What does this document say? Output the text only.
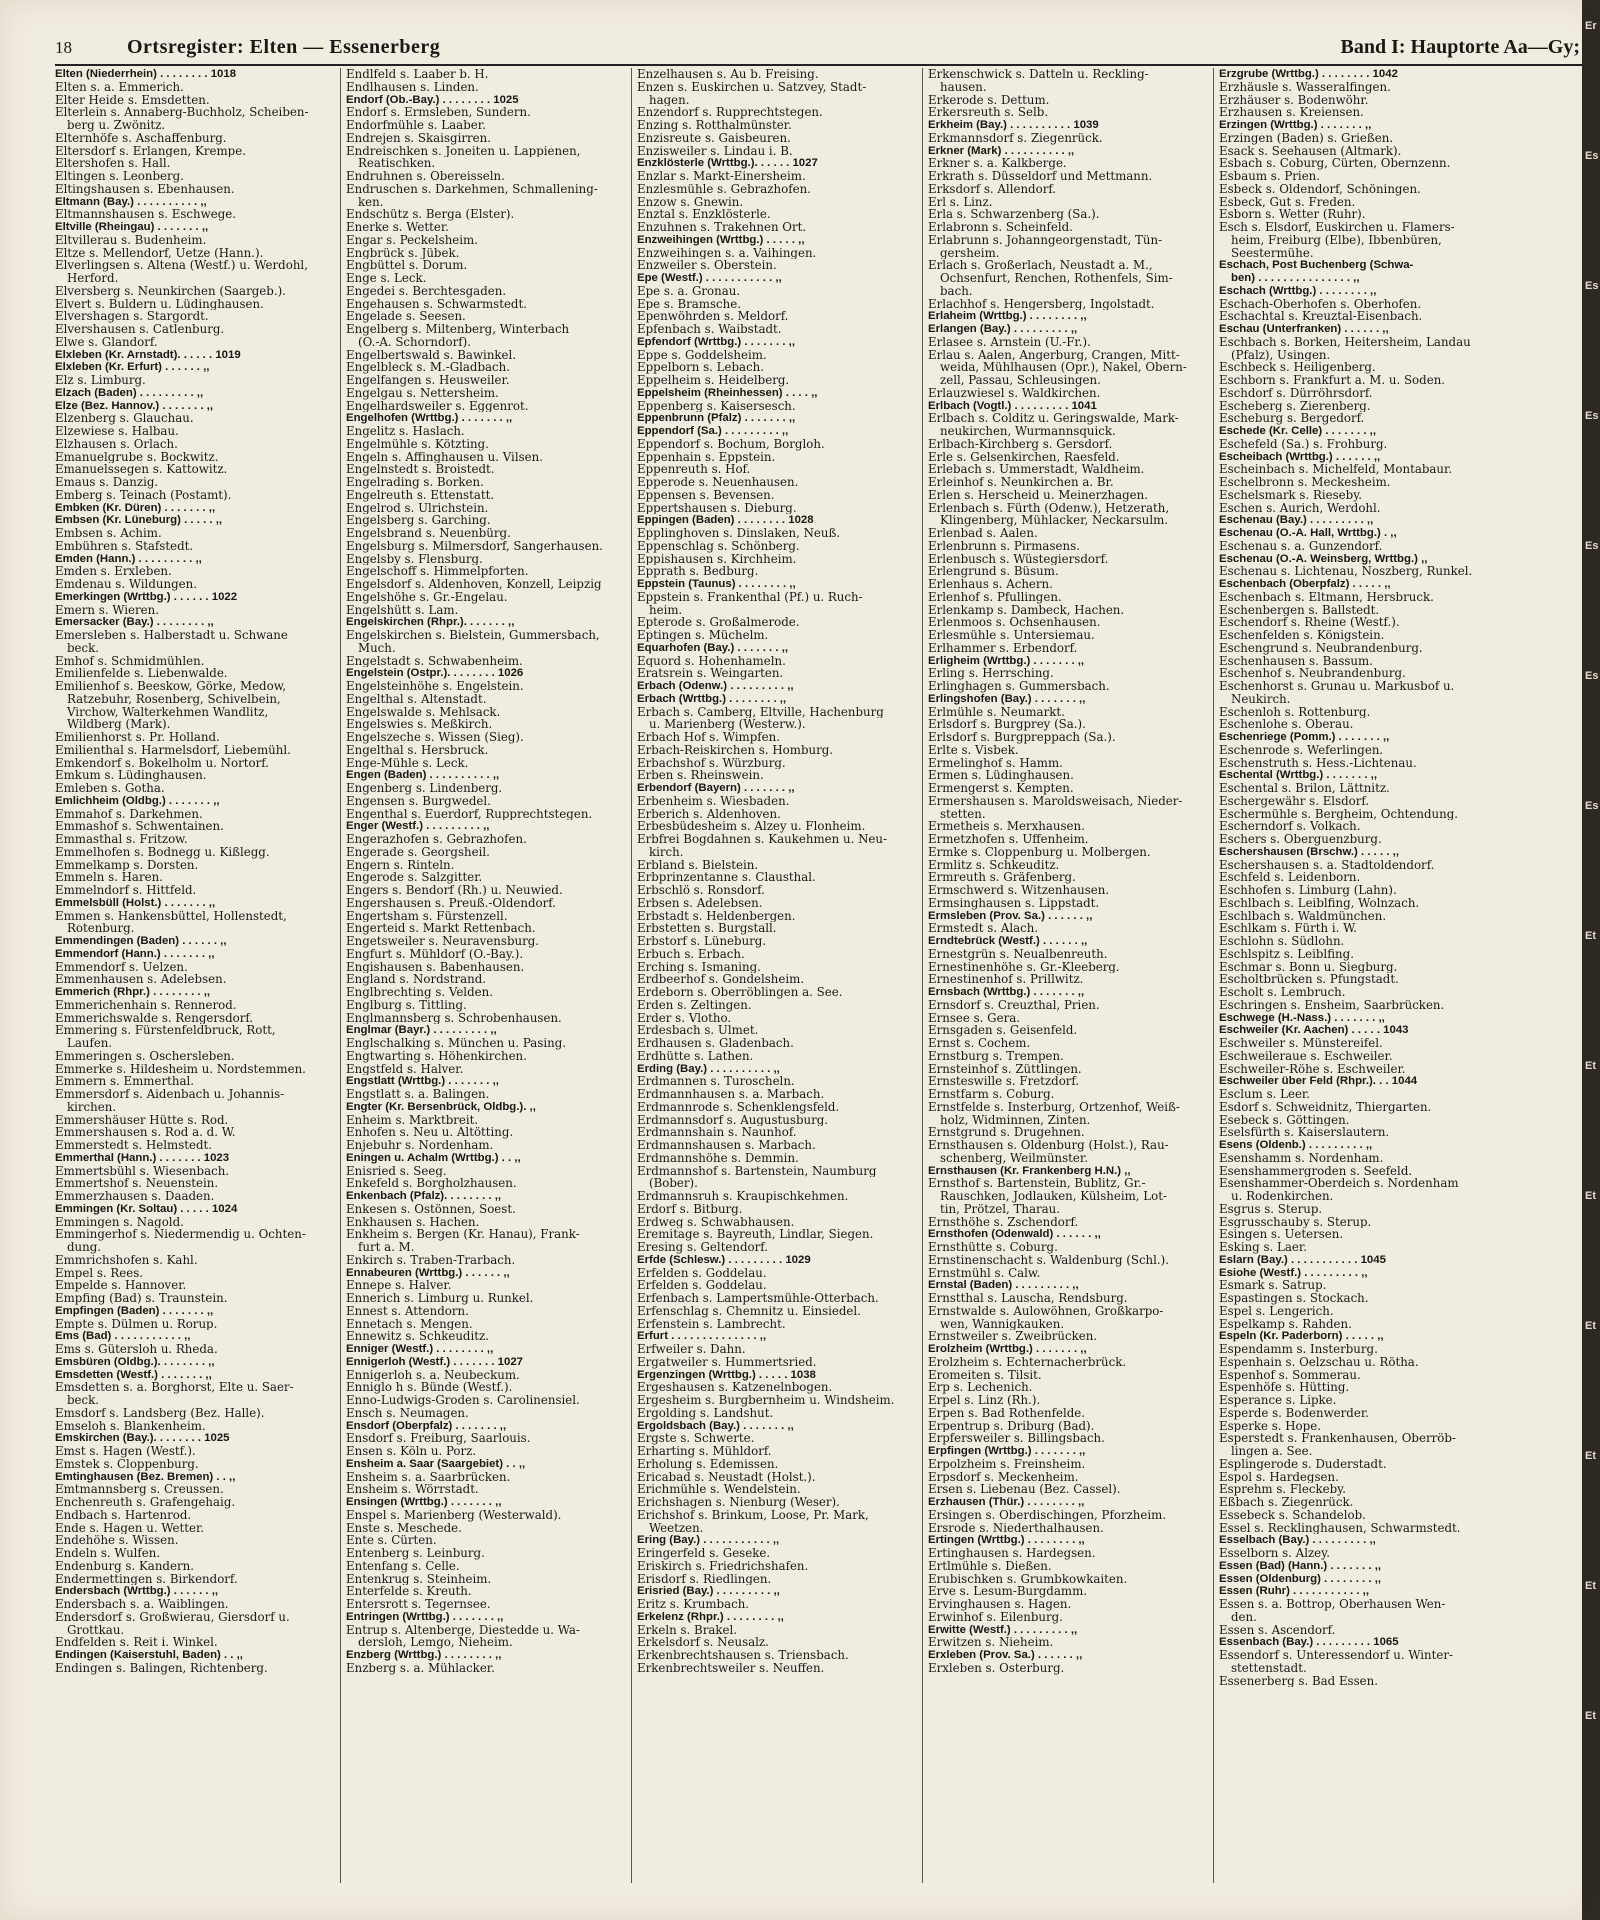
18	Ortsregister: Elten — Essenerberg	Band I: Hauptorte Aa—Gy;
Elten (Niederrhein) . . . . . . . . 1018
Elten s. a. Emmerich.
Elter Heide s. Emsdetten.
Elterlein s. Annaberg-Buchholz, Scheiben-
berg u. Zwönitz.
Elternhöfe s. Aschaffenburg.
Eltersdorf s. Erlangen, Krempe.
Eltershofen s. Hall.
Eltingen s. Leonberg.
Eltingshausen s. Ebenhausen.
Eltmann (Bay.) . . . . . . . . . . ,,
Eltmannshausen s. Eschwege.
Eltville (Rheingau) . . . . . . . ,,
Eltvillerau s. Budenheim.
Eltze s. Mellendorf, Uetze (Hann.).
Elverlingsen s. Altena (Westf.) u. Werdohl,
Herford.
Elversberg s. Neunkirchen (Saargeb.).
Elvert s. Buldern u. Lüdinghausen.
Elvershagen s. Stargordt.
Elvershausen s. Catlenburg.
Elwe s. Glandorf.
Elxleben (Kr. Arnstadt). . . . . . 1019
Elxleben (Kr. Erfurt) . . . . . . ,,
Elz s. Limburg.
Elzach (Baden) . . . . . . . . . ,,
Elze (Bez. Hannov.) . . . . . . . ,,
Elzenberg s. Glauchau.
Elzewiese s. Halbau.
Elzhausen s. Orlach.
Emanuelgrube s. Bockwitz.
Emanuelssegen s. Kattowitz.
Emaus s. Danzig.
Emberg s. Teinach (Postamt).
Embken (Kr. Düren) . . . . . . . ,,
Embsen (Kr. Lüneburg) . . . . . ,,
Embsen s. Achim.
Embühren s. Stafstedt.
Emden (Hann.) . . . . . . . . . ,,
Emden s. Erxleben.
Emdenau s. Wildungen.
Emerkingen (Wrttbg.) . . . . . . 1022
Emern s. Wieren.
Emersacker (Bay.) . . . . . . . . ,,
Emersleben s. Halberstadt u. Schwane
beck.
Emhof s. Schmidmühlen.
Emilienfelde s. Liebenwalde.
Emilienhof s. Beeskow, Görke, Medow,
Ratzebuhr, Rosenberg, Schivelbein,
Virchow, Walterkehmen Wandlitz,
Wildberg (Mark).
Emilienhorst s. Pr. Holland.
Emilienthal s. Harmelsdorf, Liebemühl.
Emkendorf s. Bokelholm u. Nortorf.
Emkum s. Lüdinghausen.
Emleben s. Gotha.
Emlichheim (Oldbg.) . . . . . . . ,,
Emmahof s. Darkehmen.
Emmashof s. Schwentainen.
Emmasthal s. Fritzow.
Emmelhofen s. Bodnegg u. Kißlegg.
Emmelkamp s. Dorsten.
Emmeln s. Haren.
Emmelndorf s. Hittfeld.
Emmelsbüll (Holst.) . . . . . . . ,,
Emmen s. Hankensbüttel, Hollenstedt,
Rotenburg.
Emmendingen (Baden) . . . . . . ,,
Emmendorf (Hann.) . . . . . . . ,,
Emmendorf s. Uelzen.
Emmenhausen s. Adelebsen.
Emmerich (Rhpr.) . . . . . . . . ,,
Emmerichenhain s. Rennerod.
Emmerichswalde s. Rengersdorf.
Emmering s. Fürstenfeldbruck, Rott,
Laufen.
Emmeringen s. Oschersleben.
Emmerke s. Hildesheim u. Nordstemmen.
Emmern s. Emmerthal.
Emmersdorf s. Aidenbach u. Johannis-
kirchen.
Emmershäuser Hütte s. Rod.
Emmershausen s. Rod a. d. W.
Emmerstedt s. Helmstedt.
Emmerthal (Hann.) . . . . . . . 1023
Emmertsbühl s. Wiesenbach.
Emmertshof s. Neuenstein.
Emmerzhausen s. Daaden.
Emmingen (Kr. Soltau) . . . . . 1024
Emmingen s. Nagold.
Emmingerhof s. Niedermendig u. Ochten-
dung.
Emmrichshofen s. Kahl.
Empel s. Rees.
Empelde s. Hannover.
Empfing (Bad) s. Traunstein.
Empfingen (Baden) . . . . . . . ,,
Empte s. Dülmen u. Rorup.
Ems (Bad) . . . . . . . . . . . ,,
Ems s. Gütersloh u. Rheda.
Emsbüren (Oldbg.). . . . . . . . ,,
Emsdetten (Westf.) . . . . . . . ,,
Emsdetten s. a. Borghorst, Elte u. Saer-
beck.
Emsdorf s. Landsberg (Bez. Halle).
Emseloh s. Blankenheim.
Emskirchen (Bay.). . . . . . . . 1025
Emst s. Hagen (Westf.).
Emstek s. Cloppenburg.
Emtinghausen (Bez. Bremen) . . ,,
Emtmannsberg s. Creussen.
Enchenreuth s. Grafengehaig.
Endbach s. Hartenrod.
Ende s. Hagen u. Wetter.
Endehöhe s. Wissen.
Endeln s. Wulfen.
Endenburg s. Kandern.
Endermettingen s. Birkendorf.
Endersbach (Wrttbg.) . . . . . . ,,
Endersbach s. a. Waiblingen.
Endersdorf s. Großwierau, Giersdorf u.
Grottkau.
Endfelden s. Reit i. Winkel.
Endingen (Kaiserstuhl, Baden) . . ,,
Endingen s. Balingen, Richtenberg.
Endlfeld s. Laaber b. H.
Endlhausen s. Linden.
Endorf (Ob.-Bay.) . . . . . . . . 1025
Endorf s. Ermsleben, Sundern.
Endorfmühle s. Laaber.
Endrejen s. Skaisgirren.
Endreischken s. Joneiten u. Lappienen,
Reatischken.
Endruhnen s. Obereisseln.
Endruschen s. Darkehmen, Schmallening-
ken.
Endschütz s. Berga (Elster).
Enerke s. Wetter.
Engar s. Peckelsheim.
Engbrück s. Jübek.
Engbüttel s. Dorum.
Enge s. Leck.
Engedei s. Berchtesgaden.
Engehausen s. Schwarmstedt.
Engelade s. Seesen.
Engelberg s. Miltenberg, Winterbach
(O.-A. Schorndorf).
Engelbertswald s. Bawinkel.
Engelbleck s. M.-Gladbach.
Engelfangen s. Heusweiler.
Engelgau s. Nettersheim.
Engelhardsweiler s. Eggenrot.
Engelhofen (Wrttbg.) . . . . . . . ,,
Engelitz s. Haslach.
Engelmühle s. Kötzting.
Engeln s. Affinghausen u. Vilsen.
Engelnstedt s. Broistedt.
Engelrading s. Borken.
Engelreuth s. Ettenstatt.
Engelrod s. Ulrichstein.
Engelsberg s. Garching.
Engelsbrand s. Neuenbürg.
Engelsburg s. Milmersdorf, Sangerhausen.
Engelsby s. Flensburg.
Engelschoff s. Himmelpforten.
Engelsdorf s. Aldenhoven, Konzell, Leipzig
Engelshöhe s. Gr.-Engelau.
Engelshütt s. Lam.
Engelskirchen (Rhpr.). . . . . . . ,,
Engelskirchen s. Bielstein, Gummersbach,
Much.
Engelstadt s. Schwabenheim.
Engelstein (Ostpr.). . . . . . . . 1026
Engelsteinhöhe s. Engelstein.
Engelthal s. Altenstadt.
Engelswalde s. Mehlsack.
Engelswies s. Meßkirch.
Engelszeche s. Wissen (Sieg).
Engelthal s. Hersbruck.
Enge-Mühle s. Leck.
Engen (Baden) . . . . . . . . . . ,,
Engenberg s. Lindenberg.
Engensen s. Burgwedel.
Engenthal s. Euerdorf, Rupprechtstegen.
Enger (Westf.) . . . . . . . . . ,,
Engerazhofen s. Gebrazhofen.
Engerade s. Georgsheil.
Engern s. Rinteln.
Engerode s. Salzgitter.
Engers s. Bendorf (Rh.) u. Neuwied.
Engershausen s. Preuß.-Oldendorf.
Engertsham s. Fürstenzell.
Engerteid s. Markt Rettenbach.
Engetsweiler s. Neuravensburg.
Engfurt s. Mühldorf (O.-Bay.).
Engishausen s. Babenhausen.
England s. Nordstrand.
Englbrechting s. Velden.
Englburg s. Tittling.
Englmannsberg s. Schrobenhausen.
Englmar (Bayr.) . . . . . . . . . ,,
Englschalking s. München u. Pasing.
Engtwarting s. Höhenkirchen.
Engstfeld s. Halver.
Engstlatt (Wrttbg.) . . . . . . . ,,
Engstlatt s. a. Balingen.
Engter (Kr. Bersenbrück, Oldbg.). ,,
Enheim s. Marktbreit.
Enhofen s. Neu u. Altötting.
Enjebuhr s. Nordenham.
Eningen u. Achalm (Wrttbg.) . . ,,
Enisried s. Seeg.
Enkefeld s. Borgholzhausen.
Enkenbach (Pfalz). . . . . . . . ,,
Enkesen s. Ostönnen, Soest.
Enkhausen s. Hachen.
Enkheim s. Bergen (Kr. Hanau), Frank-
furt a. M.
Enkirch s. Traben-Trarbach.
Ennabeuren (Wrttbg.) . . . . . . ,,
Ennepe s. Halver.
Ennerich s. Limburg u. Runkel.
Ennest s. Attendorn.
Ennetach s. Mengen.
Ennewitz s. Schkeuditz.
Enniger (Westf.) . . . . . . . . ,,
Ennigerloh (Westf.) . . . . . . . 1027
Ennigerloh s. a. Neubeckum.
Enniglo h s. Bünde (Westf.).
Enno-Ludwigs-Groden s. Carolinensiel.
Ensch s. Neumagen.
Ensdorf (Oberpfalz) . . . . . . . ,,
Ensdorf s. Freiburg, Saarlouis.
Ensen s. Köln u. Porz.
Ensheim a. Saar (Saargebiet) . . ,,
Ensheim s. a. Saarbrücken.
Ensheim s. Wörrstadt.
Ensingen (Wrttbg.) . . . . . . . ,,
Enspel s. Marienberg (Westerwald).
Enste s. Meschede.
Ente s. Cürten.
Entenberg s. Leinburg.
Entenfang s. Celle.
Entenkrug s. Steinheim.
Enterfelde s. Kreuth.
Entersrott s. Tegernsee.
Entringen (Wrttbg.) . . . . . . . ,,
Entrup s. Altenberge, Diestedde u. Wa-
dersloh, Lemgo, Nieheim.
Enzberg (Wrttbg.) . . . . . . . . ,,
Enzberg s. a. Mühlacker.
Enzelhausen s. Au b. Freising.
Enzen s. Euskirchen u. Satzvey, Stadt-
hagen.
Enzendorf s. Rupprechtstegen.
Enzing s. Rotthalmünster.
Enzisreute s. Gaisbeuren.
Enzisweiler s. Lindau i. B.
Enzklösterle (Wrttbg.). . . . . . 1027
Enzlar s. Markt-Einersheim.
Enzlesmühle s. Gebrazhofen.
Enzow s. Gnewin.
Enztal s. Enzklösterle.
Enzuhnen s. Trakehnen Ort.
Enzweihingen (Wrttbg.) . . . . . ,,
Enzweihingen s. a. Vaihingen.
Enzweiler s. Oberstein.
Epe (Westf.) . . . . . . . . . . . ,,
Epe s. a. Gronau.
Epe s. Bramsche.
Epenwöhrden s. Meldorf.
Epfenbach s. Waibstadt.
Epfendorf (Wrttbg.) . . . . . . . ,,
Eppe s. Goddelsheim.
Eppelborn s. Lebach.
Eppelheim s. Heidelberg.
Eppelsheim (Rheinhessen) . . . . ,,
Eppenberg s. Kaisersesch.
Eppenbrunn (Pfalz) . . . . . . . ,,
Eppendorf (Sa.) . . . . . . . . . ,,
Eppendorf s. Bochum, Borgloh.
Eppenhain s. Eppstein.
Eppenreuth s. Hof.
Epperode s. Neuenhausen.
Eppensen s. Bevensen.
Eppertshausen s. Dieburg.
Eppingen (Baden) . . . . . . . . 1028
Epplinghoven s. Dinslaken, Neuß.
Eppenschlag s. Schönberg.
Eppishausen s. Kirchheim.
Epprath s. Bedburg.
Eppstein (Taunus) . . . . . . . . ,,
Eppstein s. Frankenthal (Pf.) u. Ruch-
heim.
Epterode s. Großalmerode.
Eptingen s. Müchelm.
Equarhofen (Bay.) . . . . . . . ,,
Equord s. Hohenhameln.
Eratsrein s. Weingarten.
Erbach (Odenw.) . . . . . . . . . ,,
Erbach (Wrttbg.) . . . . . . . . ,,
Erbach s. Camberg, Eltville, Hachenburg
u. Marienberg (Westerw.).
Erbach Hof s. Wimpfen.
Erbach-Reiskirchen s. Homburg.
Erbachshof s. Würzburg.
Erben s. Rheinswein.
Erbendorf (Bayern) . . . . . . . ,,
Erbenheim s. Wiesbaden.
Erberich s. Aldenhoven.
Erbesbüdesheim s. Alzey u. Flonheim.
Erbfrei Bogdahnen s. Kaukehmen u. Neu-
kirch.
Erbland s. Bielstein.
Erbprinzentanne s. Clausthal.
Erbschlö s. Ronsdorf.
Erbsen s. Adelebsen.
Erbstadt s. Heldenbergen.
Erbstetten s. Burgstall.
Erbstorf s. Lüneburg.
Erbuch s. Erbach.
Erching s. Ismaning.
Erdbeerhof s. Gondelsheim.
Erdeborn s. Oberröblingen a. See.
Erden s. Zeltingen.
Erder s. Vlotho.
Erdesbach s. Ulmet.
Erdhausen s. Gladenbach.
Erdhütte s. Lathen.
Erding (Bay.) . . . . . . . . . . ,,
Erdmannen s. Turoscheln.
Erdmannhausen s. a. Marbach.
Erdmannrode s. Schenklengsfeld.
Erdmannsdorf s. Augustusburg.
Erdmannshain s. Naunhof.
Erdmannshausen s. Marbach.
Erdmannshöhe s. Demmin.
Erdmannshof s. Bartenstein, Naumburg
(Bober).
Erdmannsruh s. Kraupischkehmen.
Erdorf s. Bitburg.
Erdweg s. Schwabhausen.
Eremitage s. Bayreuth, Lindlar, Siegen.
Eresing s. Geltendorf.
Erfde (Schlesw.) . . . . . . . . . 1029
Erfelden s. Goddelau.
Erfelden s. Goddelau.
Erfenbach s. Lampertsmühle-Otterbach.
Erfenschlag s. Chemnitz u. Einsiedel.
Erfenstein s. Lambrecht.
Erfurt . . . . . . . . . . . . . . ,,
Erfweiler s. Dahn.
Ergatweiler s. Hummertsried.
Ergenzingen (Wrttbg.) . . . . . 1038
Ergeshausen s. Katzenelnbogen.
Ergesheim s. Burgbernheim u. Windsheim.
Ergolding s. Landshut.
Ergoldsbach (Bay.) . . . . . . . ,,
Ergste s. Schwerte.
Erharting s. Mühldorf.
Erholung s. Edemissen.
Ericabad s. Neustadt (Holst.).
Erichmühle s. Wendelstein.
Erichshagen s. Nienburg (Weser).
Erichshof s. Brinkum, Loose, Pr. Mark,
Weetzen.
Ering (Bay.) . . . . . . . . . . . ,,
Eringerfeld s. Geseke.
Eriskirch s. Friedrichshafen.
Erisdorf s. Riedlingen.
Erisried (Bay.) . . . . . . . . . ,,
Eritz s. Krumbach.
Erkelenz (Rhpr.) . . . . . . . . ,,
Erkeln s. Brakel.
Erkelsdorf s. Neusalz.
Erkenbrechtshausen s. Triensbach.
Erkenbrechtsweiler s. Neuffen.
Erkenschwick s. Datteln u. Reckling-
hausen.
Erkerode s. Dettum.
Erkersreuth s. Selb.
Erkheim (Bay.) . . . . . . . . . . 1039
Erkmannsdorf s. Ziegenrück.
Erkner (Mark) . . . . . . . . . . ,,
Erkner s. a. Kalkberge.
Erkrath s. Düsseldorf und Mettmann.
Erksdorf s. Allendorf.
Erl s. Linz.
Erla s. Schwarzenberg (Sa.).
Erlabronn s. Scheinfeld.
Erlabrunn s. Johanngeorgenstadt, Tün-
gersheim.
Erlach s. Großerlach, Neustadt a. M.,
Ochsenfurt, Renchen, Rothenfels, Sim-
bach.
Erlachhof s. Hengersberg, Ingolstadt.
Erlaheim (Wrttbg.) . . . . . . . . ,,
Erlangen (Bay.) . . . . . . . . . ,,
Erlasee s. Arnstein (U.-Fr.).
Erlau s. Aalen, Angerburg, Crangen, Mitt-
weida, Mühlhausen (Opr.), Nakel, Obern-
zell, Passau, Schleusingen.
Erlauzwiesel s. Waldkirchen.
Erlbach (Vogtl.) . . . . . . . . . 1041
Erlbach s. Colditz u. Geringswalde, Mark-
neukirchen, Wurmannsquick.
Erlbach-Kirchberg s. Gersdorf.
Erle s. Gelsenkirchen, Raesfeld.
Erlebach s. Ummerstadt, Waldheim.
Erleinhof s. Neunkirchen a. Br.
Erlen s. Herscheid u. Meinerzhagen.
Erlenbach s. Fürth (Odenw.), Hetzerath,
Klingenberg, Mühlacker, Neckarsulm.
Erlenbad s. Aalen.
Erlenbrunn s. Pirmasens.
Erlenbusch s. Wüstegiersdorf.
Erlengrund s. Büsum.
Erlenhaus s. Achern.
Erlenhof s. Pfullingen.
Erlenkamp s. Dambeck, Hachen.
Erlenmoos s. Ochsenhausen.
Erlesmühle s. Untersiemau.
Erlhammer s. Erbendorf.
Erligheim (Wrttbg.) . . . . . . . ,,
Erling s. Herrsching.
Erlinghagen s. Gummersbach.
Erlingshofen (Bay.) . . . . . . . ,,
Erlmühle s. Neumarkt.
Erlsdorf s. Burgprey (Sa.).
Erlsdorf s. Burgpreppach (Sa.).
Erlte s. Visbek.
Ermelinghof s. Hamm.
Ermen s. Lüdinghausen.
Ermengerst s. Kempten.
Ermershausen s. Maroldsweisach, Nieder-
stetten.
Ermetheis s. Merxhausen.
Ermetzhofen s. Uffenheim.
Ermke s. Cloppenburg u. Molbergen.
Ermlitz s. Schkeuditz.
Ermreuth s. Gräfenberg.
Ermschwerd s. Witzenhausen.
Ermsinghausen s. Lippstadt.
Ermsleben (Prov. Sa.) . . . . . . ,,
Ermstedt s. Alach.
Erndtebrück (Westf.) . . . . . . ,,
Ernestgrün s. Neualbenreuth.
Ernestinenhöhe s. Gr.-Kleeberg.
Ernestinenhof s. Prillwitz.
Ernsbach (Wrttbg.) . . . . . . . ,,
Ernsdorf s. Creuzthal, Prien.
Ernsee s. Gera.
Ernsgaden s. Geisenfeld.
Ernst s. Cochem.
Ernstburg s. Trempen.
Ernsteinhof s. Züttlingen.
Ernsteswille s. Fretzdorf.
Ernstfarm s. Coburg.
Ernstfelde s. Insterburg, Ortzenhof, Weiß-
holz, Widminnen, Zinten.
Ernstgrund s. Drugehnen.
Ernsthausen s. Oldenburg (Holst.), Rau-
schenberg, Weilmünster.
Ernsthausen (Kr. Frankenberg H.N.) ,,
Ernsthof s. Bartenstein, Bublitz, Gr.-
Rauschken, Jodlauken, Külsheim, Lot-
tin, Prötzel, Tharau.
Ernsthöhe s. Zschendorf.
Ernsthofen (Odenwald) . . . . . . ,,
Ernsthütte s. Coburg.
Ernstinenschacht s. Waldenburg (Schl.).
Ernstmühl s. Calw.
Ernstal (Baden) . . . . . . . . . ,,
Ernstthal s. Lauscha, Rendsburg.
Ernstwalde s. Aulowöhnen, Großkarpo-
wen, Wannigkauken.
Ernstweiler s. Zweibrücken.
Erolzheim (Wrttbg.) . . . . . . . ,,
Erolzheim s. Echternacherbrück.
Eromeiten s. Tilsit.
Erp s. Lechenich.
Erpel s. Linz (Rh.).
Erpen s. Bad Rothenfelde.
Erpentrup s. Driburg (Bad).
Erpfersweiler s. Billingsbach.
Erpfingen (Wrttbg.) . . . . . . . ,,
Erpolzheim s. Freinsheim.
Erpsdorf s. Meckenheim.
Ersen s. Liebenau (Bez. Cassel).
Erzhausen (Thür.) . . . . . . . . ,,
Ersingen s. Oberdischingen, Pforzheim.
Ersrode s. Niederthalhausen.
Ertingen (Wrttbg.) . . . . . . . . ,,
Ertinghausen s. Hardegsen.
Ertlmühle s. Dießen.
Erubischken s. Grumbkowkaiten.
Erve s. Lesum-Burgdamm.
Ervinghausen s. Hagen.
Erwinhof s. Eilenburg.
Erwitte (Westf.) . . . . . . . . . ,,
Erwitzen s. Nieheim.
Erxleben (Prov. Sa.) . . . . . . ,,
Erxleben s. Osterburg.
Erzgrube (Wrttbg.) . . . . . . . . 1042
Erzhäusle s. Wasseralfingen.
Erzhäuser s. Bodenwöhr.
Erzhausen s. Kreiensen.
Erzingen (Wrttbg.) . . . . . . . ,,
Erzingen (Baden) s. Grießen.
Esack s. Seehausen (Altmark).
Esbach s. Coburg, Cürten, Obernzenn.
Esbaum s. Prien.
Esbeck s. Oldendorf, Schöningen.
Esbeck, Gut s. Freden.
Esborn s. Wetter (Ruhr).
Esch s. Elsdorf, Euskirchen u. Flamers-
heim, Freiburg (Elbe), Ibbenbüren,
Seestermühe.
Eschach, Post Buchenberg (Schwa-
ben) . . . . . . . . . . . . . . . ,,
Eschach (Wrttbg.) . . . . . . . . ,,
Eschach-Oberhofen s. Oberhofen.
Eschachtal s. Kreuztal-Eisenbach.
Eschau (Unterfranken) . . . . . . ,,
Eschbach s. Borken, Heitersheim, Landau
(Pfalz), Usingen.
Eschbeck s. Heiligenberg.
Eschborn s. Frankfurt a. M. u. Soden.
Eschdorf s. Dürröhrsdorf.
Escheberg s. Zierenberg.
Escheburg s. Bergedorf.
Eschede (Kr. Celle) . . . . . . . ,,
Eschefeld (Sa.) s. Frohburg.
Escheibach (Wrttbg.) . . . . . . ,,
Escheinbach s. Michelfeld, Montabaur.
Eschelbronn s. Meckesheim.
Eschelsmark s. Rieseby.
Eschen s. Aurich, Werdohl.
Eschenau (Bay.) . . . . . . . . . ,,
Eschenau (O.-A. Hall, Wrttbg.) . ,,
Eschenau s. a. Gunzendorf.
Eschenau (O.-A. Weinsberg, Wrttbg.) ,,
Eschenau s. Lichtenau, Noszberg, Runkel.
Eschenbach (Oberpfalz) . . . . . ,,
Eschenbach s. Eltmann, Hersbruck.
Eschenbergen s. Ballstedt.
Eschendorf s. Rheine (Westf.).
Eschenfelden s. Königstein.
Eschengrund s. Neubrandenburg.
Eschenhausen s. Bassum.
Eschenhof s. Neubrandenburg.
Eschenhorst s. Grunau u. Markusbof u.
Neukirch.
Eschenloh s. Rottenburg.
Eschenlohe s. Oberau.
Eschenriege (Pomm.) . . . . . . . ,,
Eschenrode s. Weferlingen.
Eschenstruth s. Hess.-Lichtenau.
Eschental (Wrttbg.) . . . . . . . ,,
Eschental s. Brilon, Lättnitz.
Eschergewähr s. Elsdorf.
Eschermühle s. Bergheim, Ochtendung.
Escherndorf s. Volkach.
Eschers s. Oberguenzburg.
Eschershausen (Brschw.) . . . . . ,,
Eschershausen s. a. Stadtoldendorf.
Eschfeld s. Leidenborn.
Eschhofen s. Limburg (Lahn).
Eschlbach s. Leiblfing, Wolnzach.
Eschlbach s. Waldmünchen.
Eschlkam s. Fürth i. W.
Eschlohn s. Südlohn.
Eschlspitz s. Leiblfing.
Eschmar s. Bonn u. Siegburg.
Escholtbrücken s. Pfungstadt.
Escholt s. Lembruch.
Eschringen s. Ensheim, Saarbrücken.
Eschwege (H.-Nass.) . . . . . . . ,,
Eschweiler (Kr. Aachen) . . . . . 1043
Eschweiler s. Münstereifel.
Eschweileraue s. Eschweiler.
Eschweiler-Röhe s. Eschweiler.
Eschweiler über Feld (Rhpr.). . . 1044
Esclum s. Leer.
Esdorf s. Schweidnitz, Thiergarten.
Esebeck s. Göttingen.
Eselsfürth s. Kaiserslautern.
Esens (Oldenb.) . . . . . . . . . ,,
Esenshamm s. Nordenham.
Esenshammergroden s. Seefeld.
Esenshammer-Oberdeich s. Nordenham
u. Rodenkirchen.
Esgrus s. Sterup.
Esgrusschauby s. Sterup.
Esingen s. Uetersen.
Esking s. Laer.
Eslarn (Bay.) . . . . . . . . . . . 1045
Esiohe (Westf.) . . . . . . . . . ,,
Esmark s. Satrup.
Espastingen s. Stockach.
Espel s. Lengerich.
Espelkamp s. Rahden.
Espeln (Kr. Paderborn) . . . . . ,,
Espendamm s. Insterburg.
Espenhain s. Oelzschau u. Rötha.
Espenhof s. Sommerau.
Espenhöfe s. Hütting.
Esperance s. Lipke.
Esperde s. Bodenwerder.
Esperke s. Hope.
Esperstedt s. Frankenhausen, Oberröb-
lingen a. See.
Esplingerode s. Duderstadt.
Espol s. Hardegsen.
Esprehm s. Fleckeby.
Eßbach s. Ziegenrück.
Essebeck s. Schandelob.
Essel s. Recklinghausen, Schwarmstedt.
Esselbach (Bay.) . . . . . . . . . ,,
Esselborn s. Alzey.
Essen (Bad) (Hann.) . . . . . . . ,,
Essen (Oldenburg) . . . . . . . . ,,
Essen (Ruhr) . . . . . . . . . . . ,,
Essen s. a. Bottrop, Oberhausen Wen-
den.
Essen s. Ascendorf.
Essenbach (Bay.) . . . . . . . . . 1065
Essendorf s. Unteressendorf u. Winter-
stettenstadt.
Essenerberg s. Bad Essen.
Er
Es
Es
Es
Es
Es
Es
Et
Et
Et
Et
Et
Et
Et
